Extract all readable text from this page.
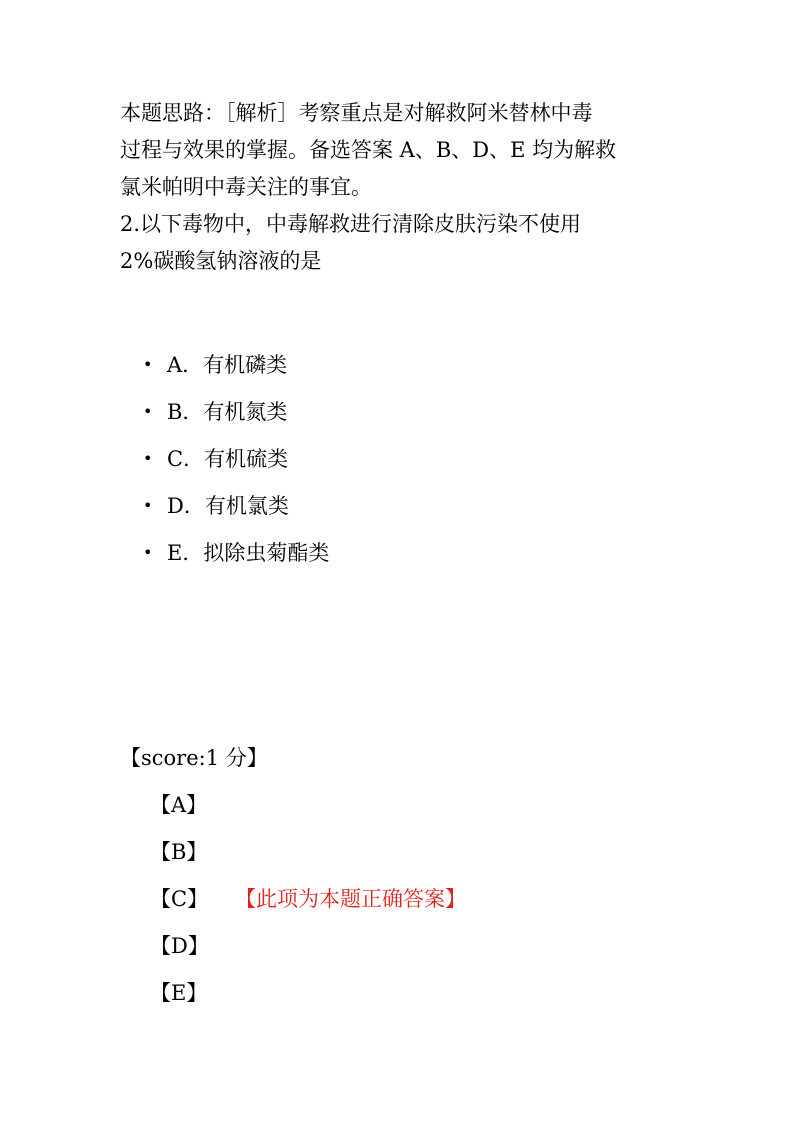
本题思路：［解析］考察重点是对解救阿米替林中毒
过程与效果的掌握。备选答案 A、B、D、E 均为解救
氯米帕明中毒关注的事宜。

2.以下毒物中，中毒解救进行清除皮肤污染不使用
2%碳酸氢钠溶液的是

• A．有机磷类
• B．有机氮类
• C．有机硫类
• D．有机氯类
• E．拟除虫菊酯类
【score:1 分】
【A】
【B】
【C】 【此项为本题正确答案】
【D】
【E】
